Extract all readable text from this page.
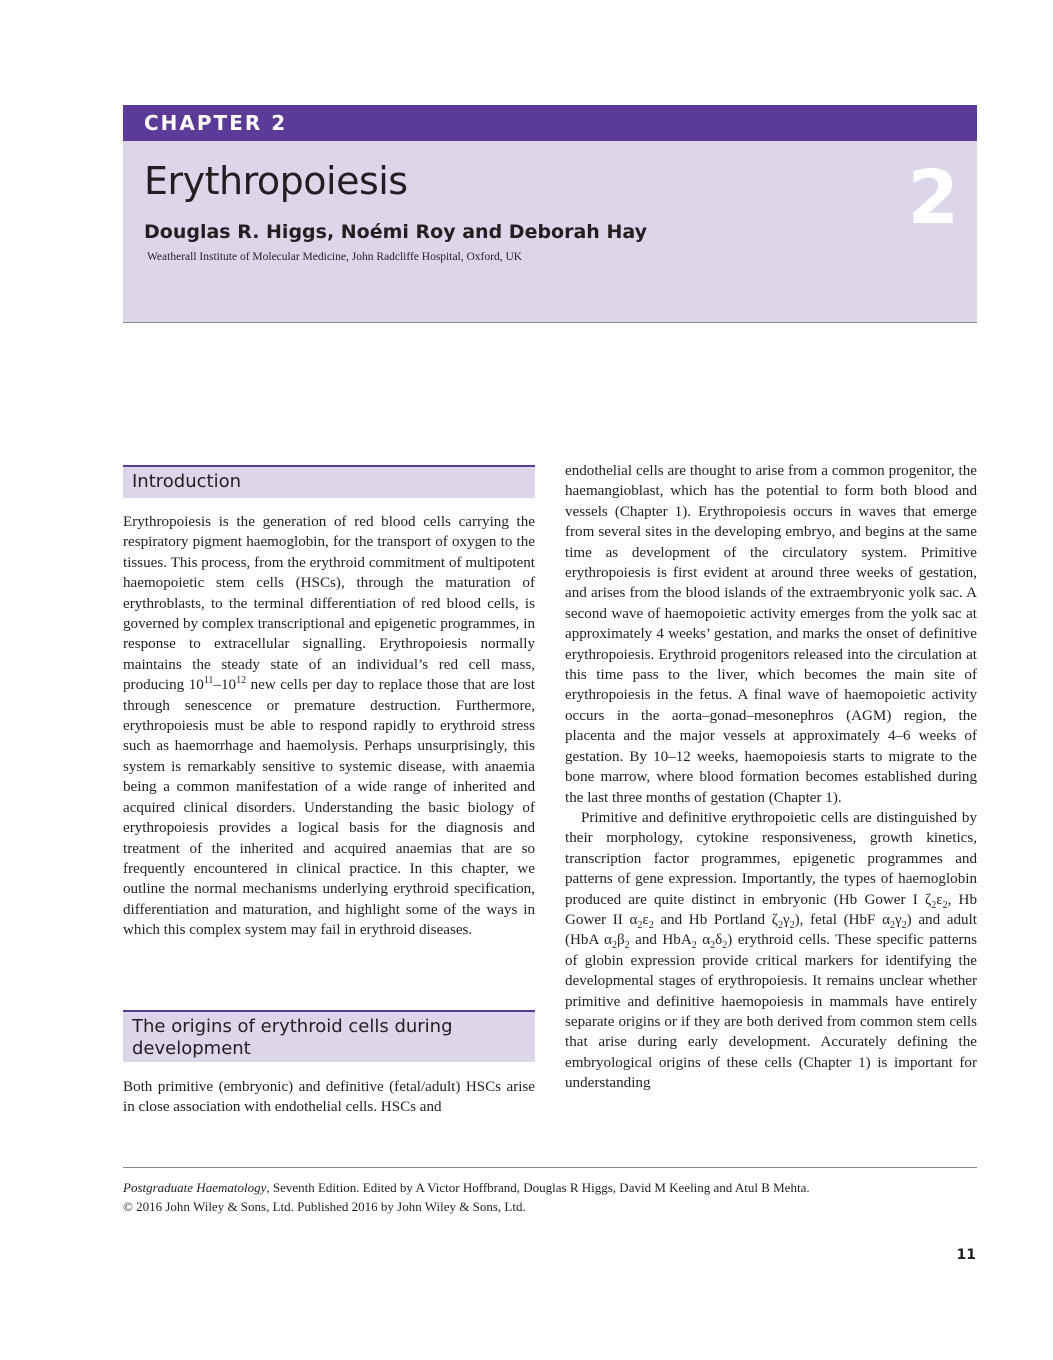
CHAPTER 2
Erythropoiesis	2
Douglas R. Higgs, Noémi Roy and Deborah Hay
Weatherall Institute of Molecular Medicine, John Radcliffe Hospital, Oxford, UK
Introduction

Erythropoiesis is the generation of red blood cells carrying the respiratory pigment haemoglobin, for the transport of oxygen to the tissues. This process, from the erythroid commitment of multipotent haemopoietic stem cells (HSCs), through the maturation of erythroblasts, to the terminal differentiation of red blood cells, is governed by complex transcriptional and epigenetic programmes, in response to extracellular signalling. Erythropoiesis normally maintains the steady state of an individual’s red cell mass, producing $10^{11}-10^{12}$ new cells per day to replace those that are lost through senescence or premature destruction. Furthermore, erythropoiesis must be able to respond rapidly to erythroid stress such as haemorrhage and haemolysis. Perhaps unsurprisingly, this system is remarkably sensitive to systemic disease, with anaemia being a common manifestation of a wide range of inherited and acquired clinical disorders. Understanding the basic biology of erythropoiesis provides a logical basis for the diagnosis and treatment of the inherited and acquired anaemias that are so frequently encountered in clinical practice. In this chapter, we outline the normal mechanisms underlying erythroid specification, differentiation and maturation, and highlight some of the ways in which this complex system may fail in erythroid diseases.

The origins of erythroid cells during development

Both primitive (embryonic) and definitive (fetal/adult) HSCs arise in close association with endothelial cells. HSCs and

endothelial cells are thought to arise from a common progenitor, the haemangioblast, which has the potential to form both blood and vessels (Chapter 1). Erythropoiesis occurs in waves that emerge from several sites in the developing embryo, and begins at the same time as development of the circulatory system. Primitive erythropoiesis is first evident at around three weeks of gestation, and arises from the blood islands of the extraembryonic yolk sac. A second wave of haemopoietic activity emerges from the yolk sac at approximately 4 weeks’ gestation, and marks the onset of definitive erythropoiesis. Erythroid progenitors released into the circulation at this time pass to the liver, which becomes the main site of erythropoiesis in the fetus. A final wave of haemopoietic activity occurs in the aorta–gonad–mesonephros (AGM) region, the placenta and the major vessels at approximately 4–6 weeks of gestation. By 10–12 weeks, haemopoiesis starts to migrate to the bone marrow, where blood formation becomes established during the last three months of gestation (Chapter 1).

Primitive and definitive erythropoietic cells are distinguished by their morphology, cytokine responsiveness, growth kinetics, transcription factor programmes, epigenetic programmes and patterns of gene expression. Importantly, the types of haemoglobin produced are quite distinct in embryonic (Hb Gower I $\zeta_2\varepsilon_2$, Hb Gower II $\alpha_2\varepsilon_2$ and Hb Portland $\zeta_2\gamma_2$), fetal (HbF $\alpha_2\gamma_2$) and adult (HbA $\alpha_2\beta_2$ and HbA$_2$ $\alpha_2\delta_2$) erythroid cells. These specific patterns of globin expression provide critical markers for identifying the developmental stages of erythropoiesis. It remains unclear whether primitive and definitive haemopoiesis in mammals have entirely separate origins or if they are both derived from common stem cells that arise during early development. Accurately defining the embryological origins of these cells (Chapter 1) is important for understanding

Postgraduate Haematology, Seventh Edition. Edited by A Victor Hoffbrand, Douglas R Higgs, David M Keeling and Atul B Mehta.

© 2016 John Wiley & Sons, Ltd. Published 2016 by John Wiley & Sons, Ltd.

11
